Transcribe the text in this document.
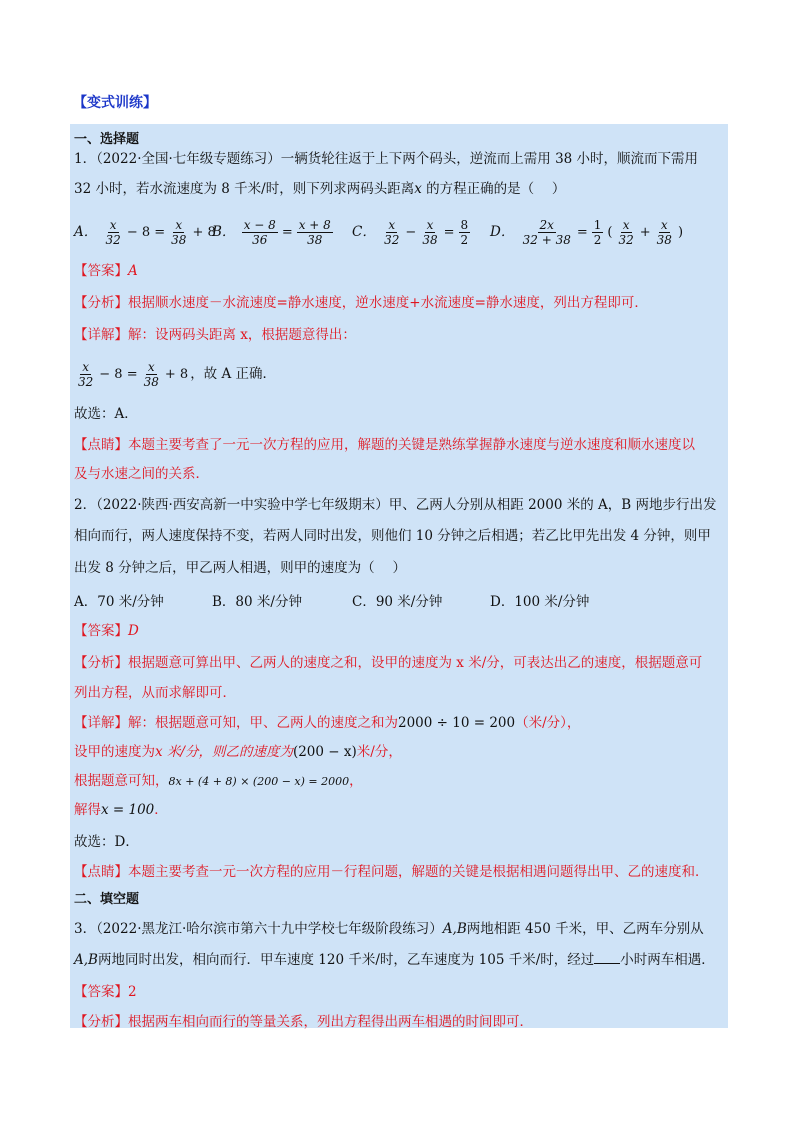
【变式训练】
一、选择题
1．（2022·全国·七年级专题练习）一辆货轮往返于上下两个码头，逆流而上需用 38 小时，顺流而下需用
32 小时，若水流速度为 8 千米/时，则下列求两码头距离x 的方程正确的是（　 ）
A． $\frac{x}{32} - 8 = \frac{x}{38} + 8$
B． $\frac{x - 8}{36} = \frac{x + 8}{38}$ C． $\frac{x}{32} - \frac{x}{38} = \frac{8}{2}$ D． $\frac{2x}{32 + 38} = \frac{1}{2}$ ( $\frac{x}{32} + \frac{x}{38}$ )
【答案】A
【分析】根据顺水速度－水流速度=静水速度，逆水速度+水流速度=静水速度，列出方程即可．
【详解】解：设两码头距离 x，根据题意得出：
$\frac{x}{32} - 8 = \frac{x}{38} + 8$ ，故 A 正确．
故选：A．
【点睛】本题主要考查了一元一次方程的应用，解题的关键是熟练掌握静水速度与逆水速度和顺水速度以
及与水速之间的关系．
2．（2022·陕西·西安高新一中实验中学七年级期末）甲、乙两人分别从相距 2000 米的 A，B 两地步行出发
相向而行，两人速度保持不变，若两人同时出发，则他们 10 分钟之后相遇；若乙比甲先出发 4 分钟，则甲
出发 8 分钟之后，甲乙两人相遇，则甲的速度为（　 ）
A．70 米/分钟	B．80 米/分钟	C．90 米/分钟	D．100 米/分钟
【答案】D
【分析】根据题意可算出甲、乙两人的速度之和，设甲的速度为 x 米/分，可表达出乙的速度，根据题意可
列出方程，从而求解即可．
【详解】解：根据题意可知，甲、乙两人的速度之和为2000 ÷ 10 = 200（米/分），
设甲的速度为x 米/分，则乙的速度为(200 − x)米/分，
根据题意可知，8x + (4 + 8) × (200 − x) = 2000，
解得x = 100．
故选：D．
【点睛】本题主要考查一元一次方程的应用－行程问题，解题的关键是根据相遇问题得出甲、乙的速度和．
二、填空题
3．（2022·黑龙江·哈尔滨市第六十九中学校七年级阶段练习）A,B两地相距 450 千米，甲、乙两车分别从
A,B两地同时出发，相向而行．甲车速度 120 千米/时，乙车速度为 105 千米/时，经过 小时两车相遇．
【答案】2
【分析】根据两车相向而行的等量关系，列出方程得出两车相遇的时间即可．
